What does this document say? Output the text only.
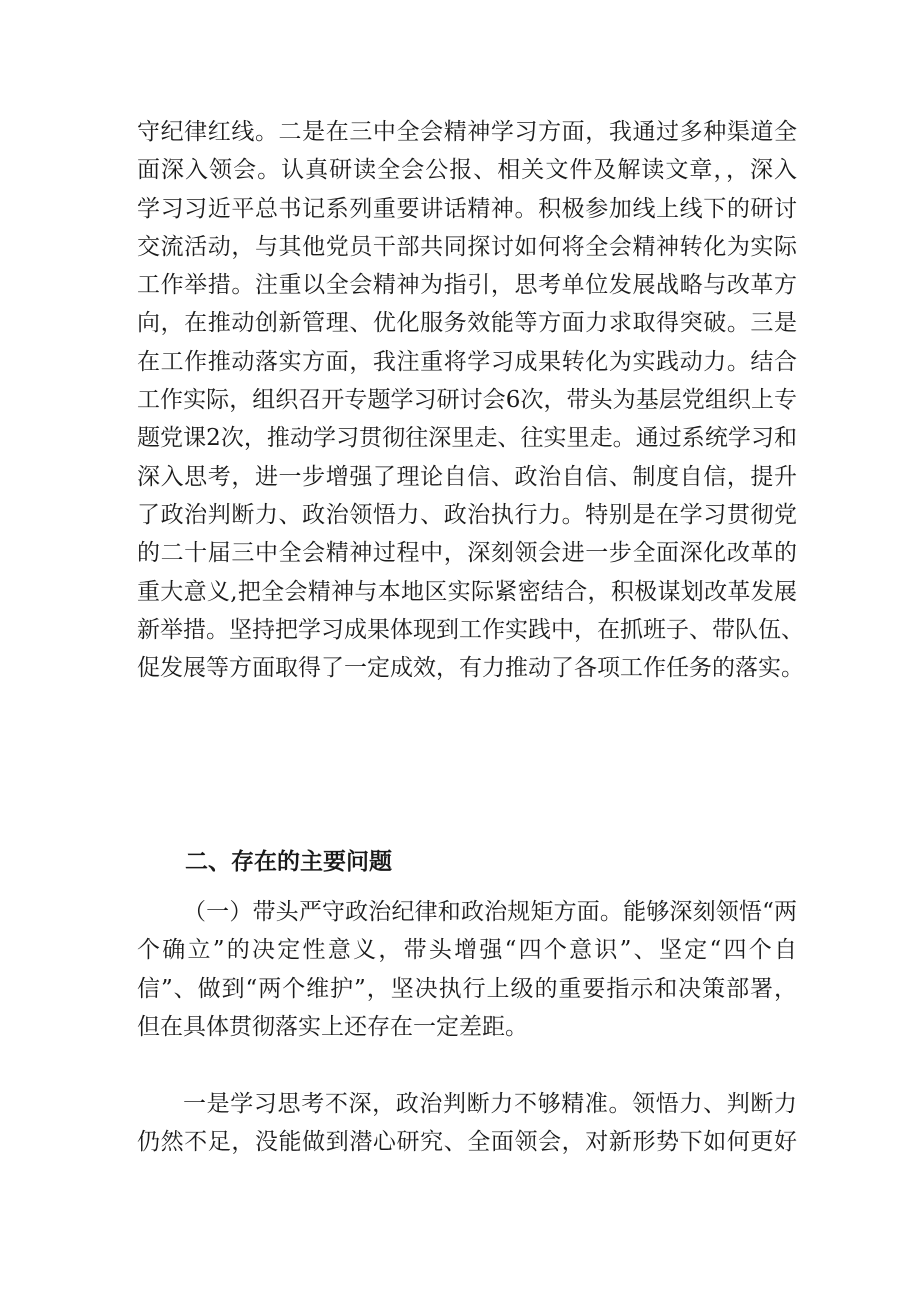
守纪律红线。二是在三中全会精神学习方面，我通过多种渠道全
面深入领会。认真研读全会公报、相关文件及解读文章，，深入
学习习近平总书记系列重要讲话精神。积极参加线上线下的研讨
交流活动，与其他党员干部共同探讨如何将全会精神转化为实际
工作举措。注重以全会精神为指引，思考单位发展战略与改革方
向，在推动创新管理、优化服务效能等方面力求取得突破。三是
在工作推动落实方面，我注重将学习成果转化为实践动力。结合
工作实际，组织召开专题学习研讨会6次，带头为基层党组织上专
题党课2次，推动学习贯彻往深里走、往实里走。通过系统学习和
深入思考，进一步增强了理论自信、政治自信、制度自信，提升
了政治判断力、政治领悟力、政治执行力。特别是在学习贯彻党
的二十届三中全会精神过程中，深刻领会进一步全面深化改革的
重大意义,把全会精神与本地区实际紧密结合，积极谋划改革发展
新举措。坚持把学习成果体现到工作实践中，在抓班子、带队伍、
促发展等方面取得了一定成效，有力推动了各项工作任务的落实。
二、存在的主要问题
（一）带头严守政治纪律和政治规矩方面。能够深刻领悟“两
个确立”的决定性意义，带头增强“四个意识”、坚定“四个自
信”、做到“两个维护”，坚决执行上级的重要指示和决策部署，
但在具体贯彻落实上还存在一定差距。
一是学习思考不深，政治判断力不够精准。领悟力、判断力
仍然不足，没能做到潜心研究、全面领会，对新形势下如何更好
